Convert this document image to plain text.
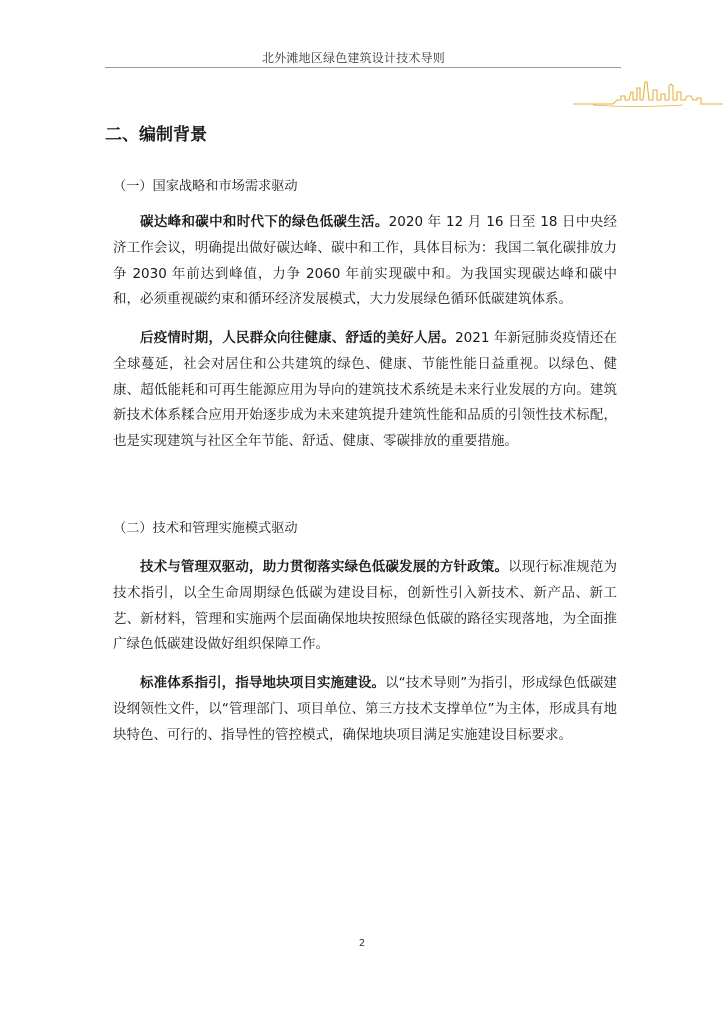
北外滩地区绿色建筑设计技术导则
二、编制背景
（一）国家战略和市场需求驱动

碳达峰和碳中和时代下的绿色低碳生活。2020 年 12 月 16 日至 18 日中央经济工作会议，明确提出做好碳达峰、碳中和工作，具体目标为：我国二氧化碳排放力争 2030 年前达到峰值，力争 2060 年前实现碳中和。为我国实现碳达峰和碳中和，必须重视碳约束和循环经济发展模式，大力发展绿色循环低碳建筑体系。

后疫情时期，人民群众向往健康、舒适的美好人居。2021 年新冠肺炎疫情还在全球蔓延，社会对居住和公共建筑的绿色、健康、节能性能日益重视。以绿色、健康、超低能耗和可再生能源应用为导向的建筑技术系统是未来行业发展的方向。建筑新技术体系糅合应用开始逐步成为未来建筑提升建筑性能和品质的引领性技术标配，也是实现建筑与社区全年节能、舒适、健康、零碳排放的重要措施。

（二）技术和管理实施模式驱动

技术与管理双驱动，助力贯彻落实绿色低碳发展的方针政策。以现行标准规范为技术指引，以全生命周期绿色低碳为建设目标，创新性引入新技术、新产品、新工艺、新材料，管理和实施两个层面确保地块按照绿色低碳的路径实现落地，为全面推广绿色低碳建设做好组织保障工作。

标准体系指引，指导地块项目实施建设。以“技术导则”为指引，形成绿色低碳建设纲领性文件，以“管理部门、项目单位、第三方技术支撑单位”为主体，形成具有地块特色、可行的、指导性的管控模式，确保地块项目满足实施建设目标要求。

2
